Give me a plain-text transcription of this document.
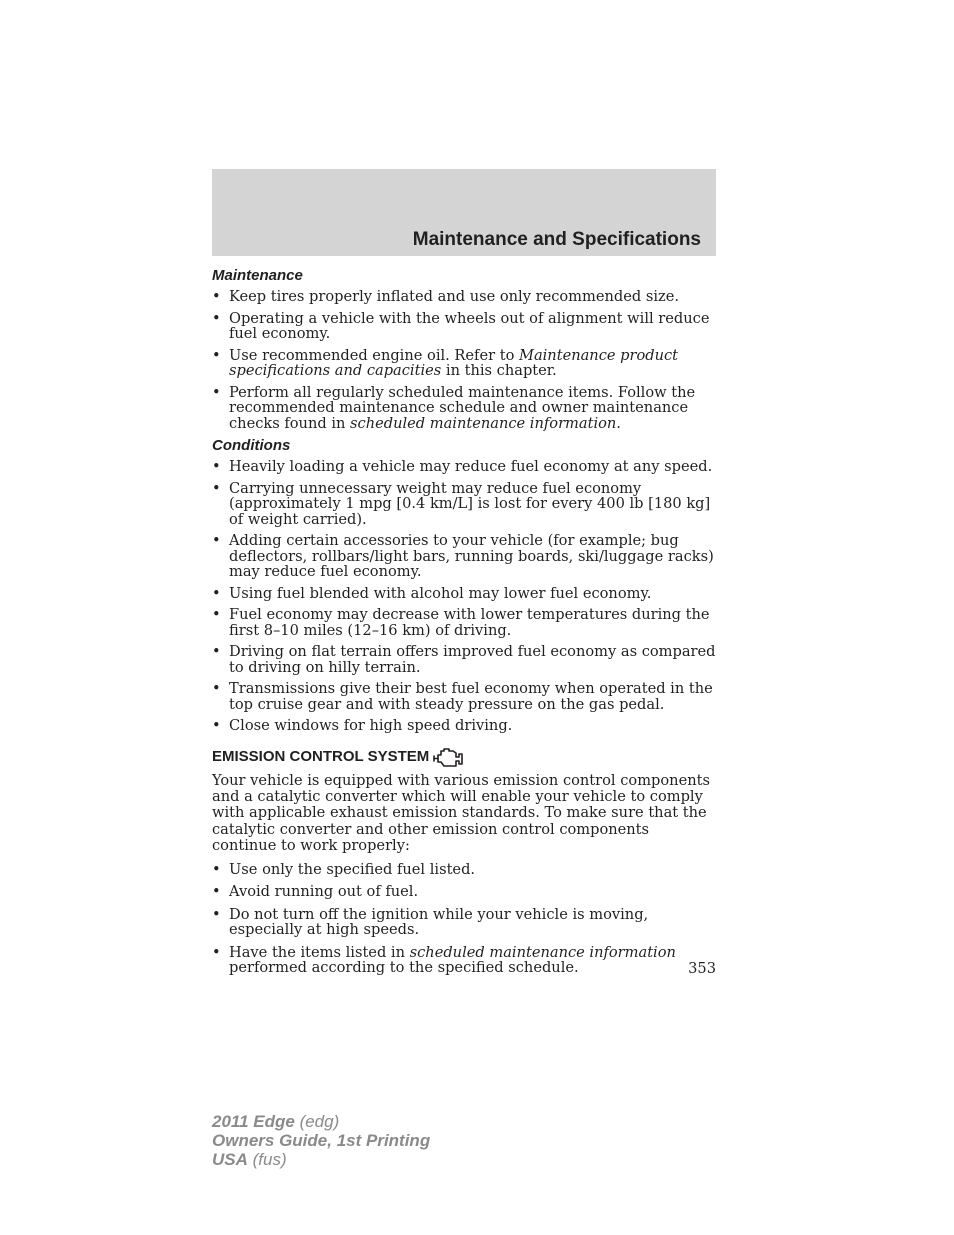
Maintenance and Specifications
Maintenance
• Keep tires properly inflated and use only recommended size.
• Operating a vehicle with the wheels out of alignment will reduce fuel economy.
• Use recommended engine oil. Refer to Maintenance product specifications and capacities in this chapter.
• Perform all regularly scheduled maintenance items. Follow the recommended maintenance schedule and owner maintenance checks found in scheduled maintenance information.
Conditions
• Heavily loading a vehicle may reduce fuel economy at any speed.
• Carrying unnecessary weight may reduce fuel economy (approximately 1 mpg [0.4 km/L] is lost for every 400 lb [180 kg] of weight carried).
• Adding certain accessories to your vehicle (for example; bug deflectors, rollbars/light bars, running boards, ski/luggage racks) may reduce fuel economy.
• Using fuel blended with alcohol may lower fuel economy.
• Fuel economy may decrease with lower temperatures during the first 8–10 miles (12–16 km) of driving.
• Driving on flat terrain offers improved fuel economy as compared to driving on hilly terrain.
• Transmissions give their best fuel economy when operated in the top cruise gear and with steady pressure on the gas pedal.
• Close windows for high speed driving.
EMISSION CONTROL SYSTEM

Your vehicle is equipped with various emission control components and a catalytic converter which will enable your vehicle to comply with applicable exhaust emission standards. To make sure that the catalytic converter and other emission control components continue to work properly:

• Use only the specified fuel listed.
• Avoid running out of fuel.
• Do not turn off the ignition while your vehicle is moving, especially at high speeds.
• Have the items listed in scheduled maintenance information performed according to the specified schedule.	353
2011 Edge (edg)
Owners Guide, 1st Printing
USA (fus)
